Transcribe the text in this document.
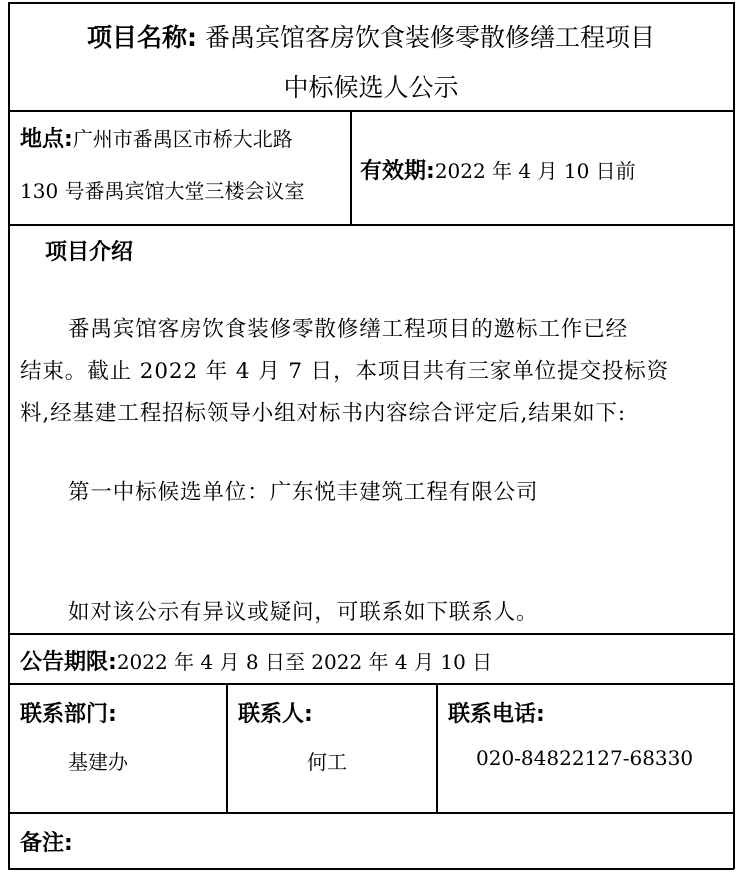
项目名称: 番禺宾馆客房饮食装修零散修缮工程项目
中标候选人公示
地点:广州市番禺区市桥大北路
130 号番禺宾馆大堂三楼会议室
有效期:2022 年 4 月 10 日前
项目介绍
番禺宾馆客房饮食装修零散修缮工程项目的邀标工作已经
结束。截止 2022 年 4 月 7 日，本项目共有三家单位提交投标资
料,经基建工程招标领导小组对标书内容综合评定后,结果如下:
第一中标候选单位：广东悦丰建筑工程有限公司
如对该公示有异议或疑问，可联系如下联系人。
公告期限:2022 年 4 月 8 日至 2022 年 4 月 10 日
联系部门:
基建办
联系人:
何工
联系电话:
020-84822127-68330
备注:
